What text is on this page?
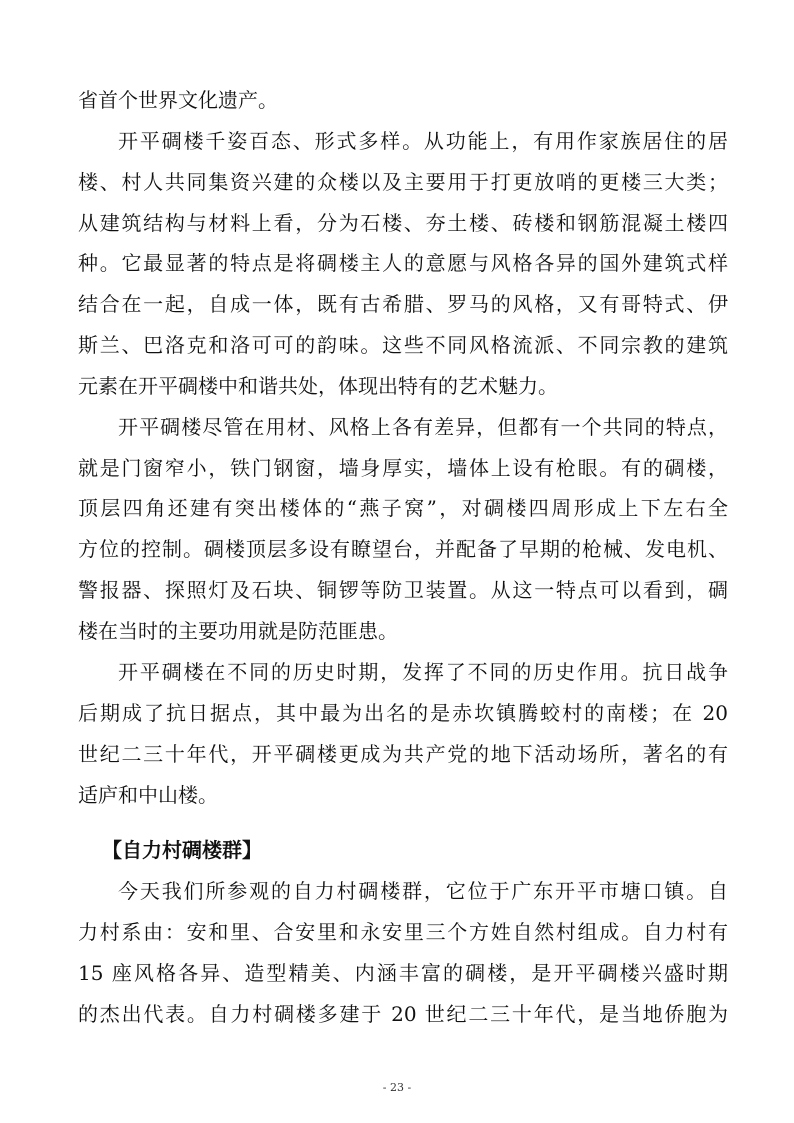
省首个世界文化遗产。
开平碉楼千姿百态、形式多样。从功能上，有用作家族居住的居
楼、村人共同集资兴建的众楼以及主要用于打更放哨的更楼三大类；
从建筑结构与材料上看，分为石楼、夯土楼、砖楼和钢筋混凝土楼四
种。它最显著的特点是将碉楼主人的意愿与风格各异的国外建筑式样
结合在一起，自成一体，既有古希腊、罗马的风格，又有哥特式、伊
斯兰、巴洛克和洛可可的韵味。这些不同风格流派、不同宗教的建筑
元素在开平碉楼中和谐共处，体现出特有的艺术魅力。
开平碉楼尽管在用材、风格上各有差异，但都有一个共同的特点，
就是门窗窄小，铁门钢窗，墙身厚实，墙体上设有枪眼。有的碉楼，
顶层四角还建有突出楼体的“燕子窝”，对碉楼四周形成上下左右全
方位的控制。碉楼顶层多设有瞭望台，并配备了早期的枪械、发电机、
警报器、探照灯及石块、铜锣等防卫装置。从这一特点可以看到，碉
楼在当时的主要功用就是防范匪患。
开平碉楼在不同的历史时期，发挥了不同的历史作用。抗日战争
后期成了抗日据点，其中最为出名的是赤坎镇腾蛟村的南楼；在 20
世纪二三十年代，开平碉楼更成为共产党的地下活动场所，著名的有
适庐和中山楼。
【自力村碉楼群】
今天我们所参观的自力村碉楼群，它位于广东开平市塘口镇。自
力村系由：安和里、合安里和永安里三个方姓自然村组成。自力村有
15 座风格各异、造型精美、内涵丰富的碉楼，是开平碉楼兴盛时期
的杰出代表。自力村碉楼多建于 20 世纪二三十年代，是当地侨胞为
- 23 -
